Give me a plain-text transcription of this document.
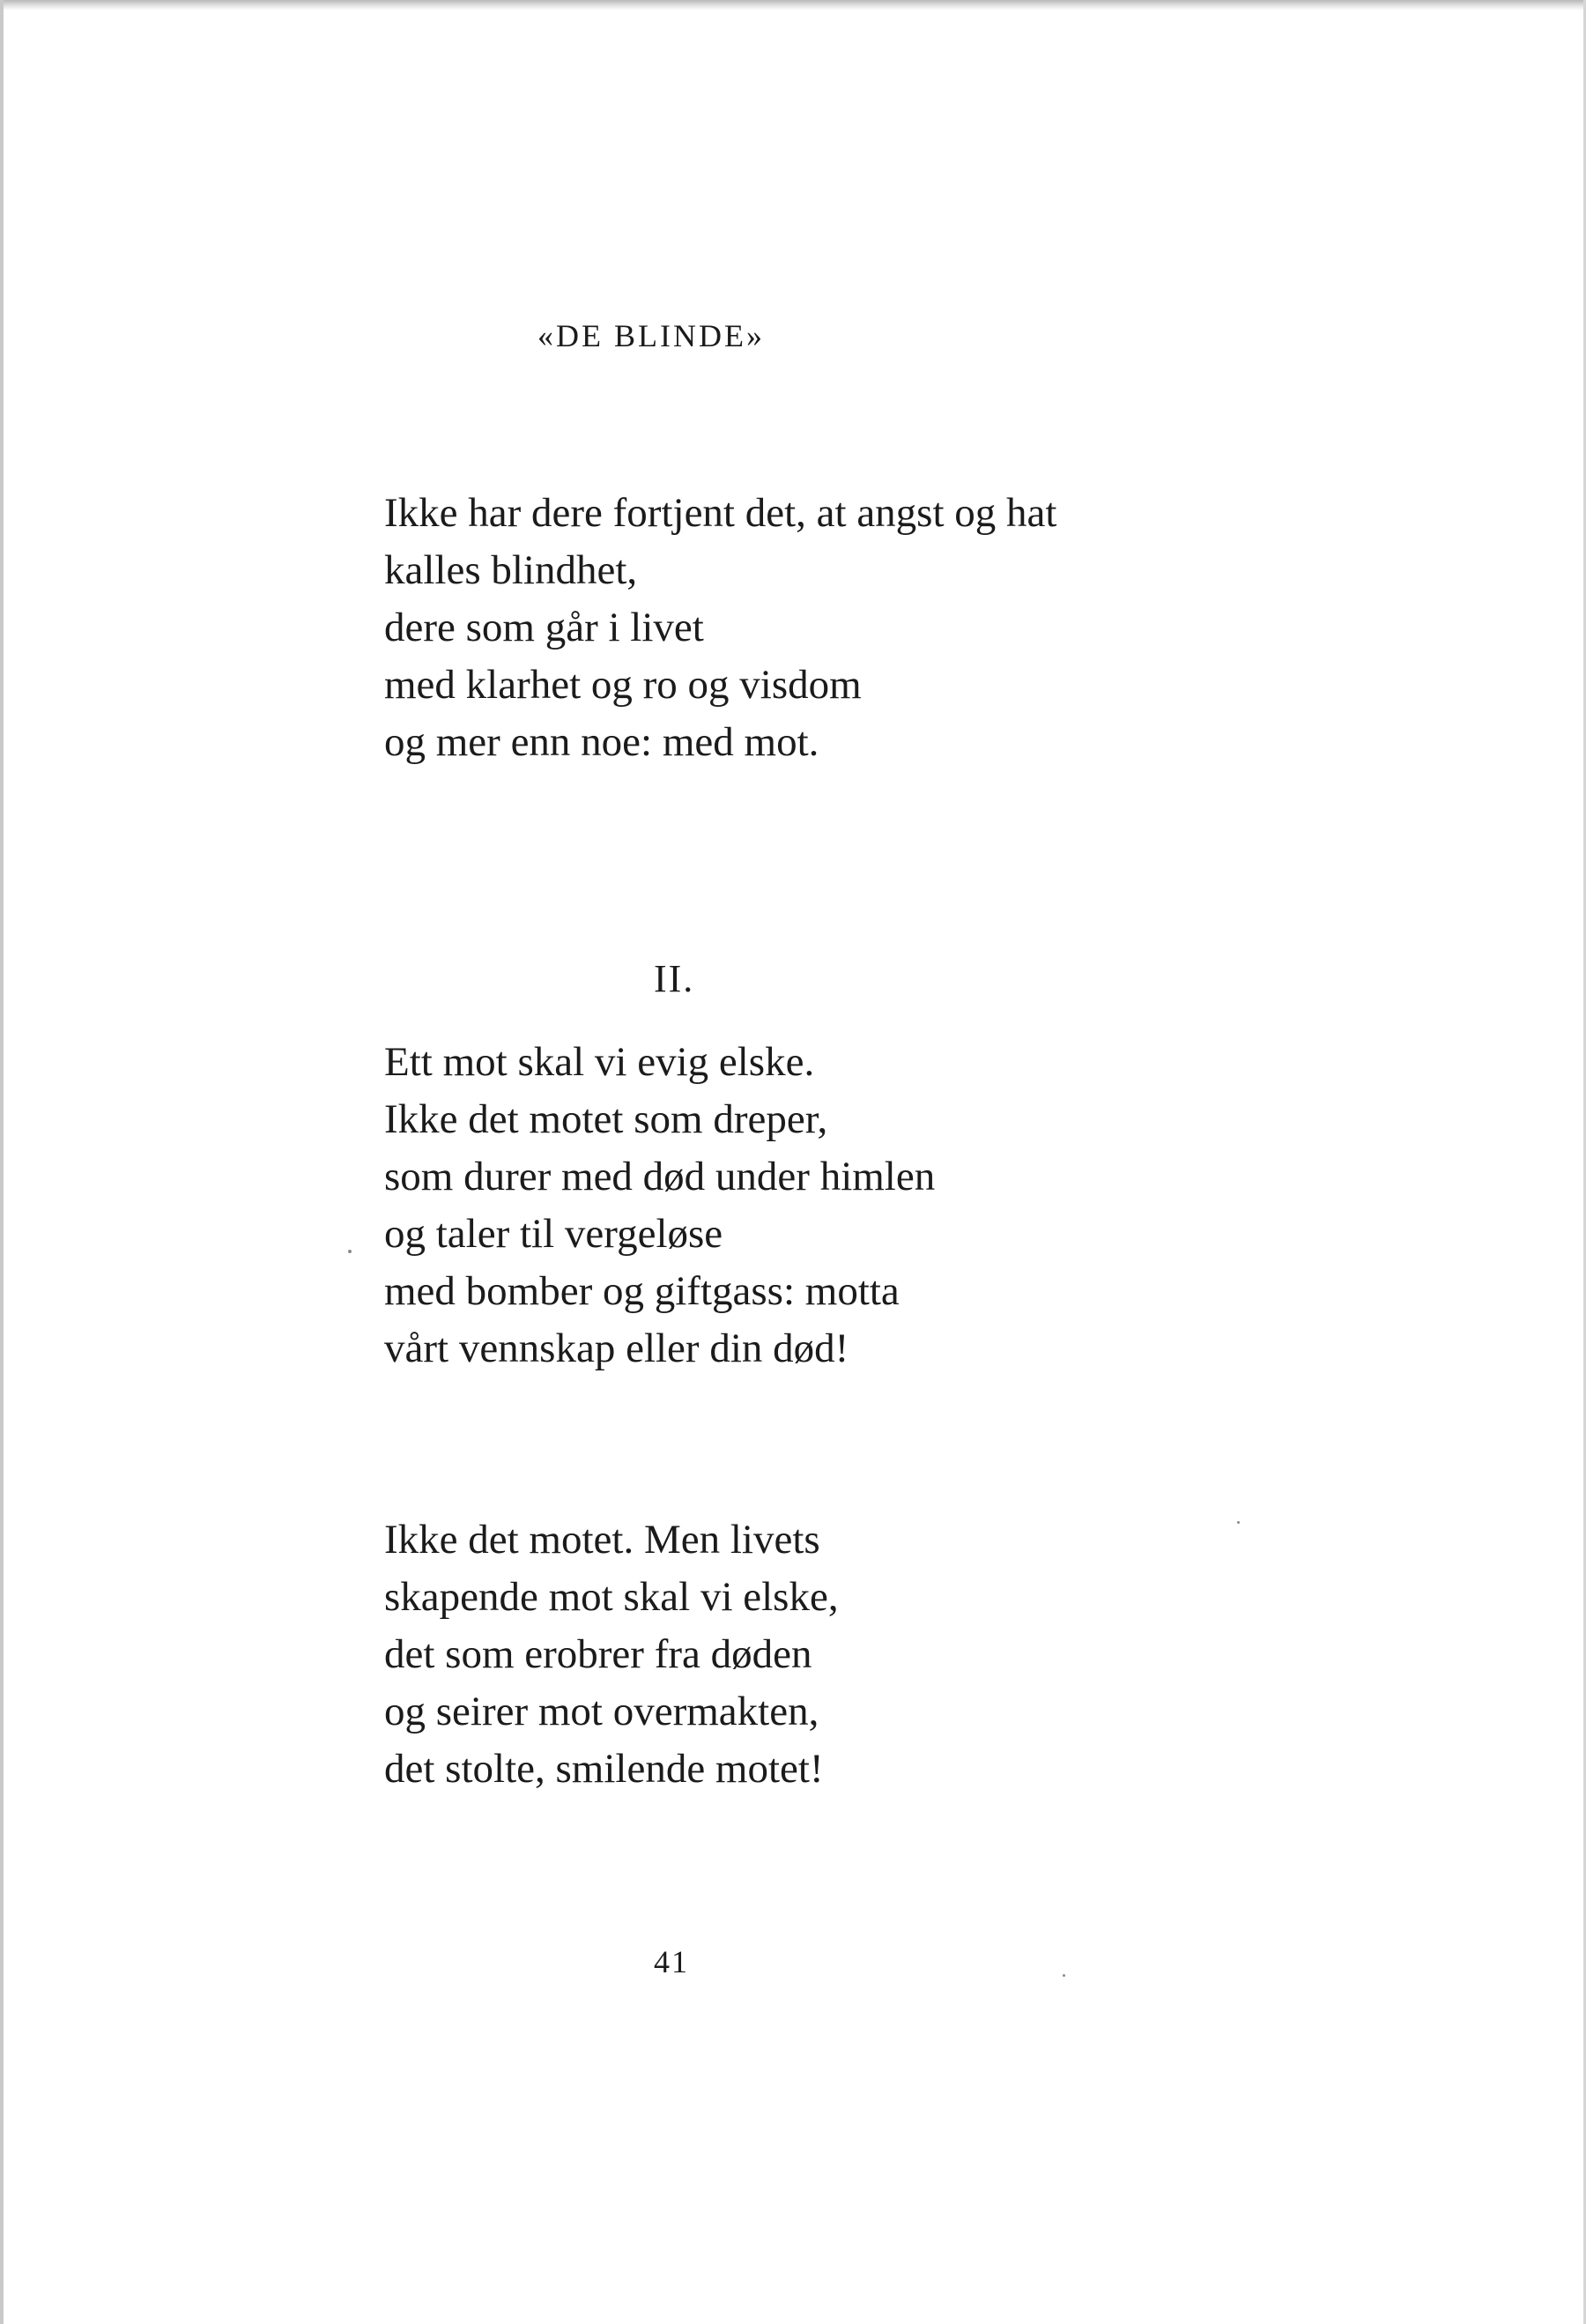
«DE BLINDE»
Ikke har dere fortjent det, at angst og hat
kalles blindhet,
dere som går i livet
med klarhet og ro og visdom
og mer enn noe: med mot.
II.
Ett mot skal vi evig elske.
Ikke det motet som dreper,
som durer med død under himlen
og taler til vergeløse
med bomber og giftgass: motta
vårt vennskap eller din død!
Ikke det motet. Men livets
skapende mot skal vi elske,
det som erobrer fra døden
og seirer mot overmakten,
det stolte, smilende motet!
41
